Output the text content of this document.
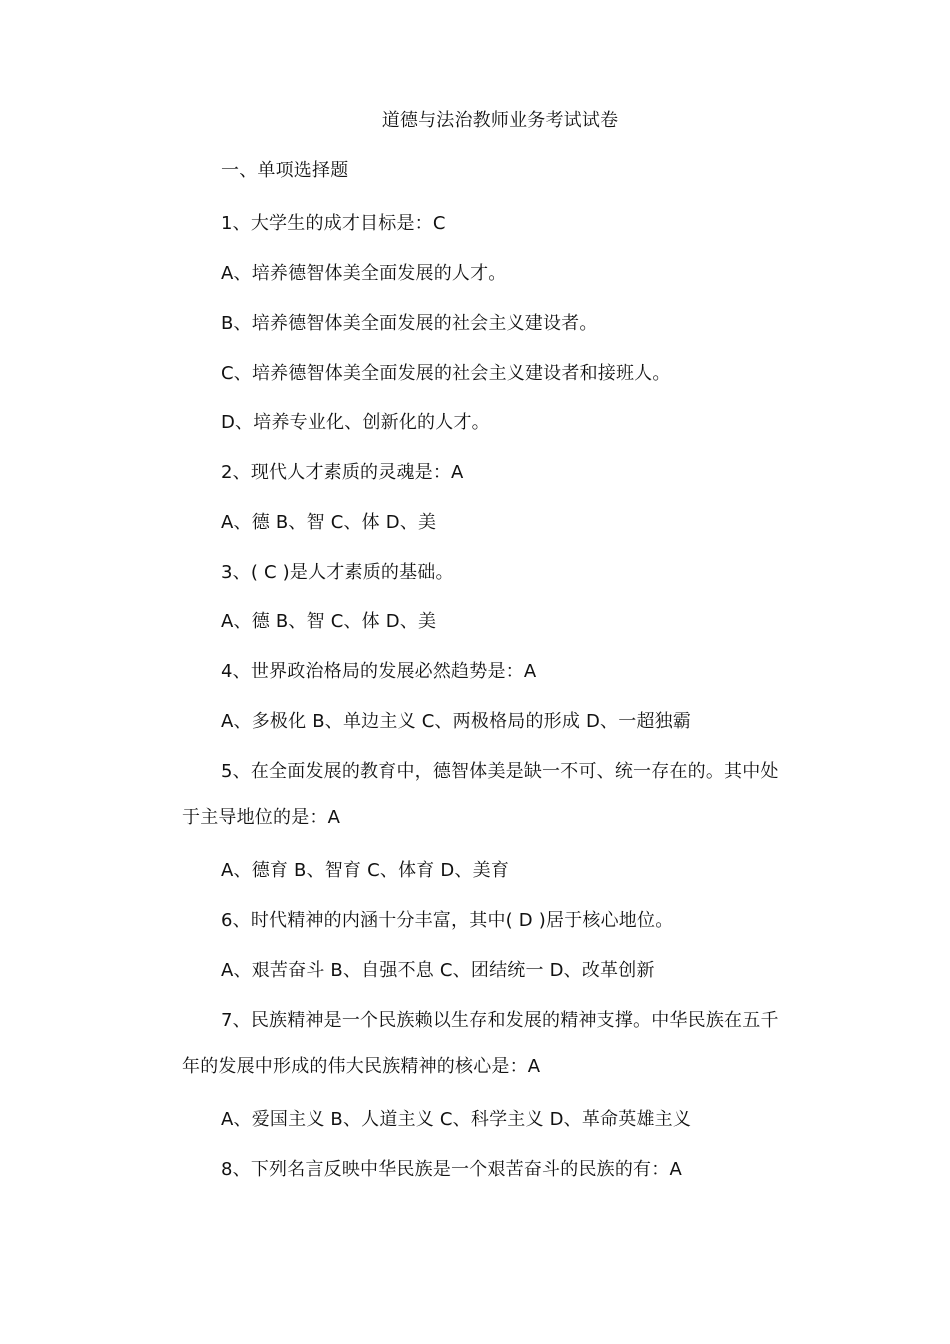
道德与法治教师业务考试试卷
一、单项选择题
1、大学生的成才目标是：C
A、培养德智体美全面发展的人才。
B、培养德智体美全面发展的社会主义建设者。
C、培养德智体美全面发展的社会主义建设者和接班人。
D、培养专业化、创新化的人才。
2、现代人才素质的灵魂是：A
A、德 B、智 C、体 D、美
3、( C )是人才素质的基础。
A、德 B、智 C、体 D、美
4、世界政治格局的发展必然趋势是：A
A、多极化 B、单边主义 C、两极格局的形成 D、一超独霸
5、在全面发展的教育中，德智体美是缺一不可、统一存在的。其中处
于主导地位的是：A
A、德育 B、智育 C、体育 D、美育
6、时代精神的内涵十分丰富，其中( D )居于核心地位。
A、艰苦奋斗 B、自强不息 C、团结统一 D、改革创新
7、民族精神是一个民族赖以生存和发展的精神支撑。中华民族在五千
年的发展中形成的伟大民族精神的核心是：A
A、爱国主义 B、人道主义 C、科学主义 D、革命英雄主义
8、下列名言反映中华民族是一个艰苦奋斗的民族的有：A
